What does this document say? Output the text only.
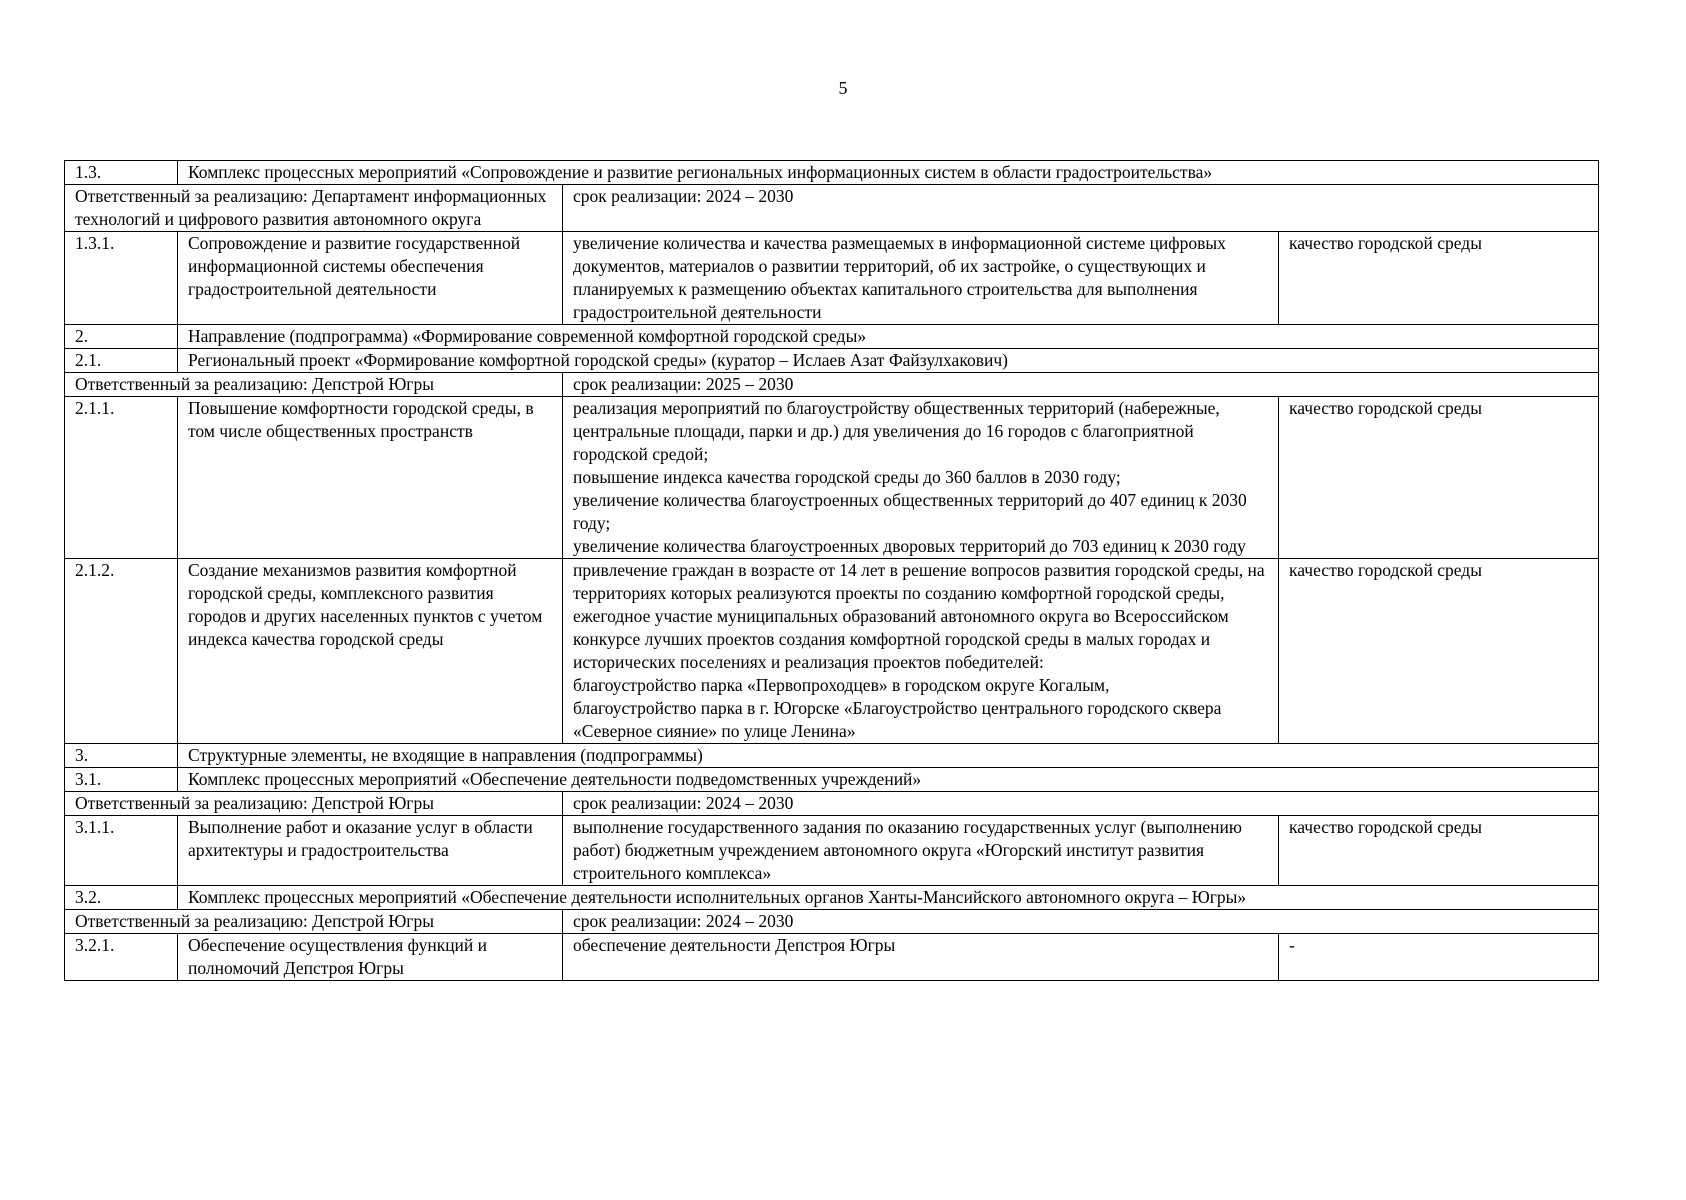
5
1.3.	Комплекс процессных мероприятий «Сопровождение и развитие региональных информационных систем в области градостроительства»		
Ответственный за реализацию: Департамент информационных технологий и цифрового развития автономного округа		срок реализации: 2024 – 2030	
1.3.1.	Сопровождение и развитие государственной информационной системы обеспечения градостроительной деятельности	увеличение количества и качества размещаемых в информационной системе цифровых документов, материалов о развитии территорий, об их застройке, о существующих и планируемых к размещению объектах капитального строительства для выполнения градостроительной деятельности	качество городской среды
2.	Направление (подпрограмма) «Формирование современной комфортной городской среды»		
2.1.	Региональный проект «Формирование комфортной городской среды» (куратор – Ислаев Азат Файзулхакович)		
Ответственный за реализацию: Депстрой Югры		срок реализации: 2025 – 2030	
2.1.1.	Повышение комфортности городской среды, в том числе общественных пространств	реализация мероприятий по благоустройству общественных территорий (набережные, центральные площади, парки и др.) для увеличения до 16 городов с благоприятной городской средой;
повышение индекса качества городской среды до 360 баллов в 2030 году;
увеличение количества благоустроенных общественных территорий до 407 единиц к 2030 году;
увеличение количества благоустроенных дворовых территорий до 703 единиц к 2030 году	качество городской среды
2.1.2.	Создание механизмов развития комфортной городской среды, комплексного развития городов и других населенных пунктов с учетом индекса качества городской среды	привлечение граждан в возрасте от 14 лет в решение вопросов развития городской среды, на территориях которых реализуются проекты по созданию комфортной городской среды, ежегодное участие муниципальных образований автономного округа во Всероссийском конкурсе лучших проектов создания комфортной городской среды в малых городах и исторических поселениях и реализация проектов победителей:
благоустройство парка «Первопроходцев» в городском округе Когалым,
благоустройство парка в г. Югорске «Благоустройство центрального городского сквера «Северное сияние» по улице Ленина»	качество городской среды
3.	Структурные элементы, не входящие в направления (подпрограммы)		
3.1.	Комплекс процессных мероприятий «Обеспечение деятельности подведомственных учреждений»		
Ответственный за реализацию: Депстрой Югры		срок реализации: 2024 – 2030	
3.1.1.	Выполнение работ и оказание услуг в области архитектуры и градостроительства	выполнение государственного задания по оказанию государственных услуг (выполнению работ) бюджетным учреждением автономного округа «Югорский институт развития строительного комплекса»	качество городской среды
3.2.	Комплекс процессных мероприятий «Обеспечение деятельности исполнительных органов Ханты-Мансийского автономного округа – Югры»		
Ответственный за реализацию: Депстрой Югры		срок реализации: 2024 – 2030	
3.2.1.	Обеспечение осуществления функций и полномочий Депстроя Югры	обеспечение деятельности Депстроя Югры	-
